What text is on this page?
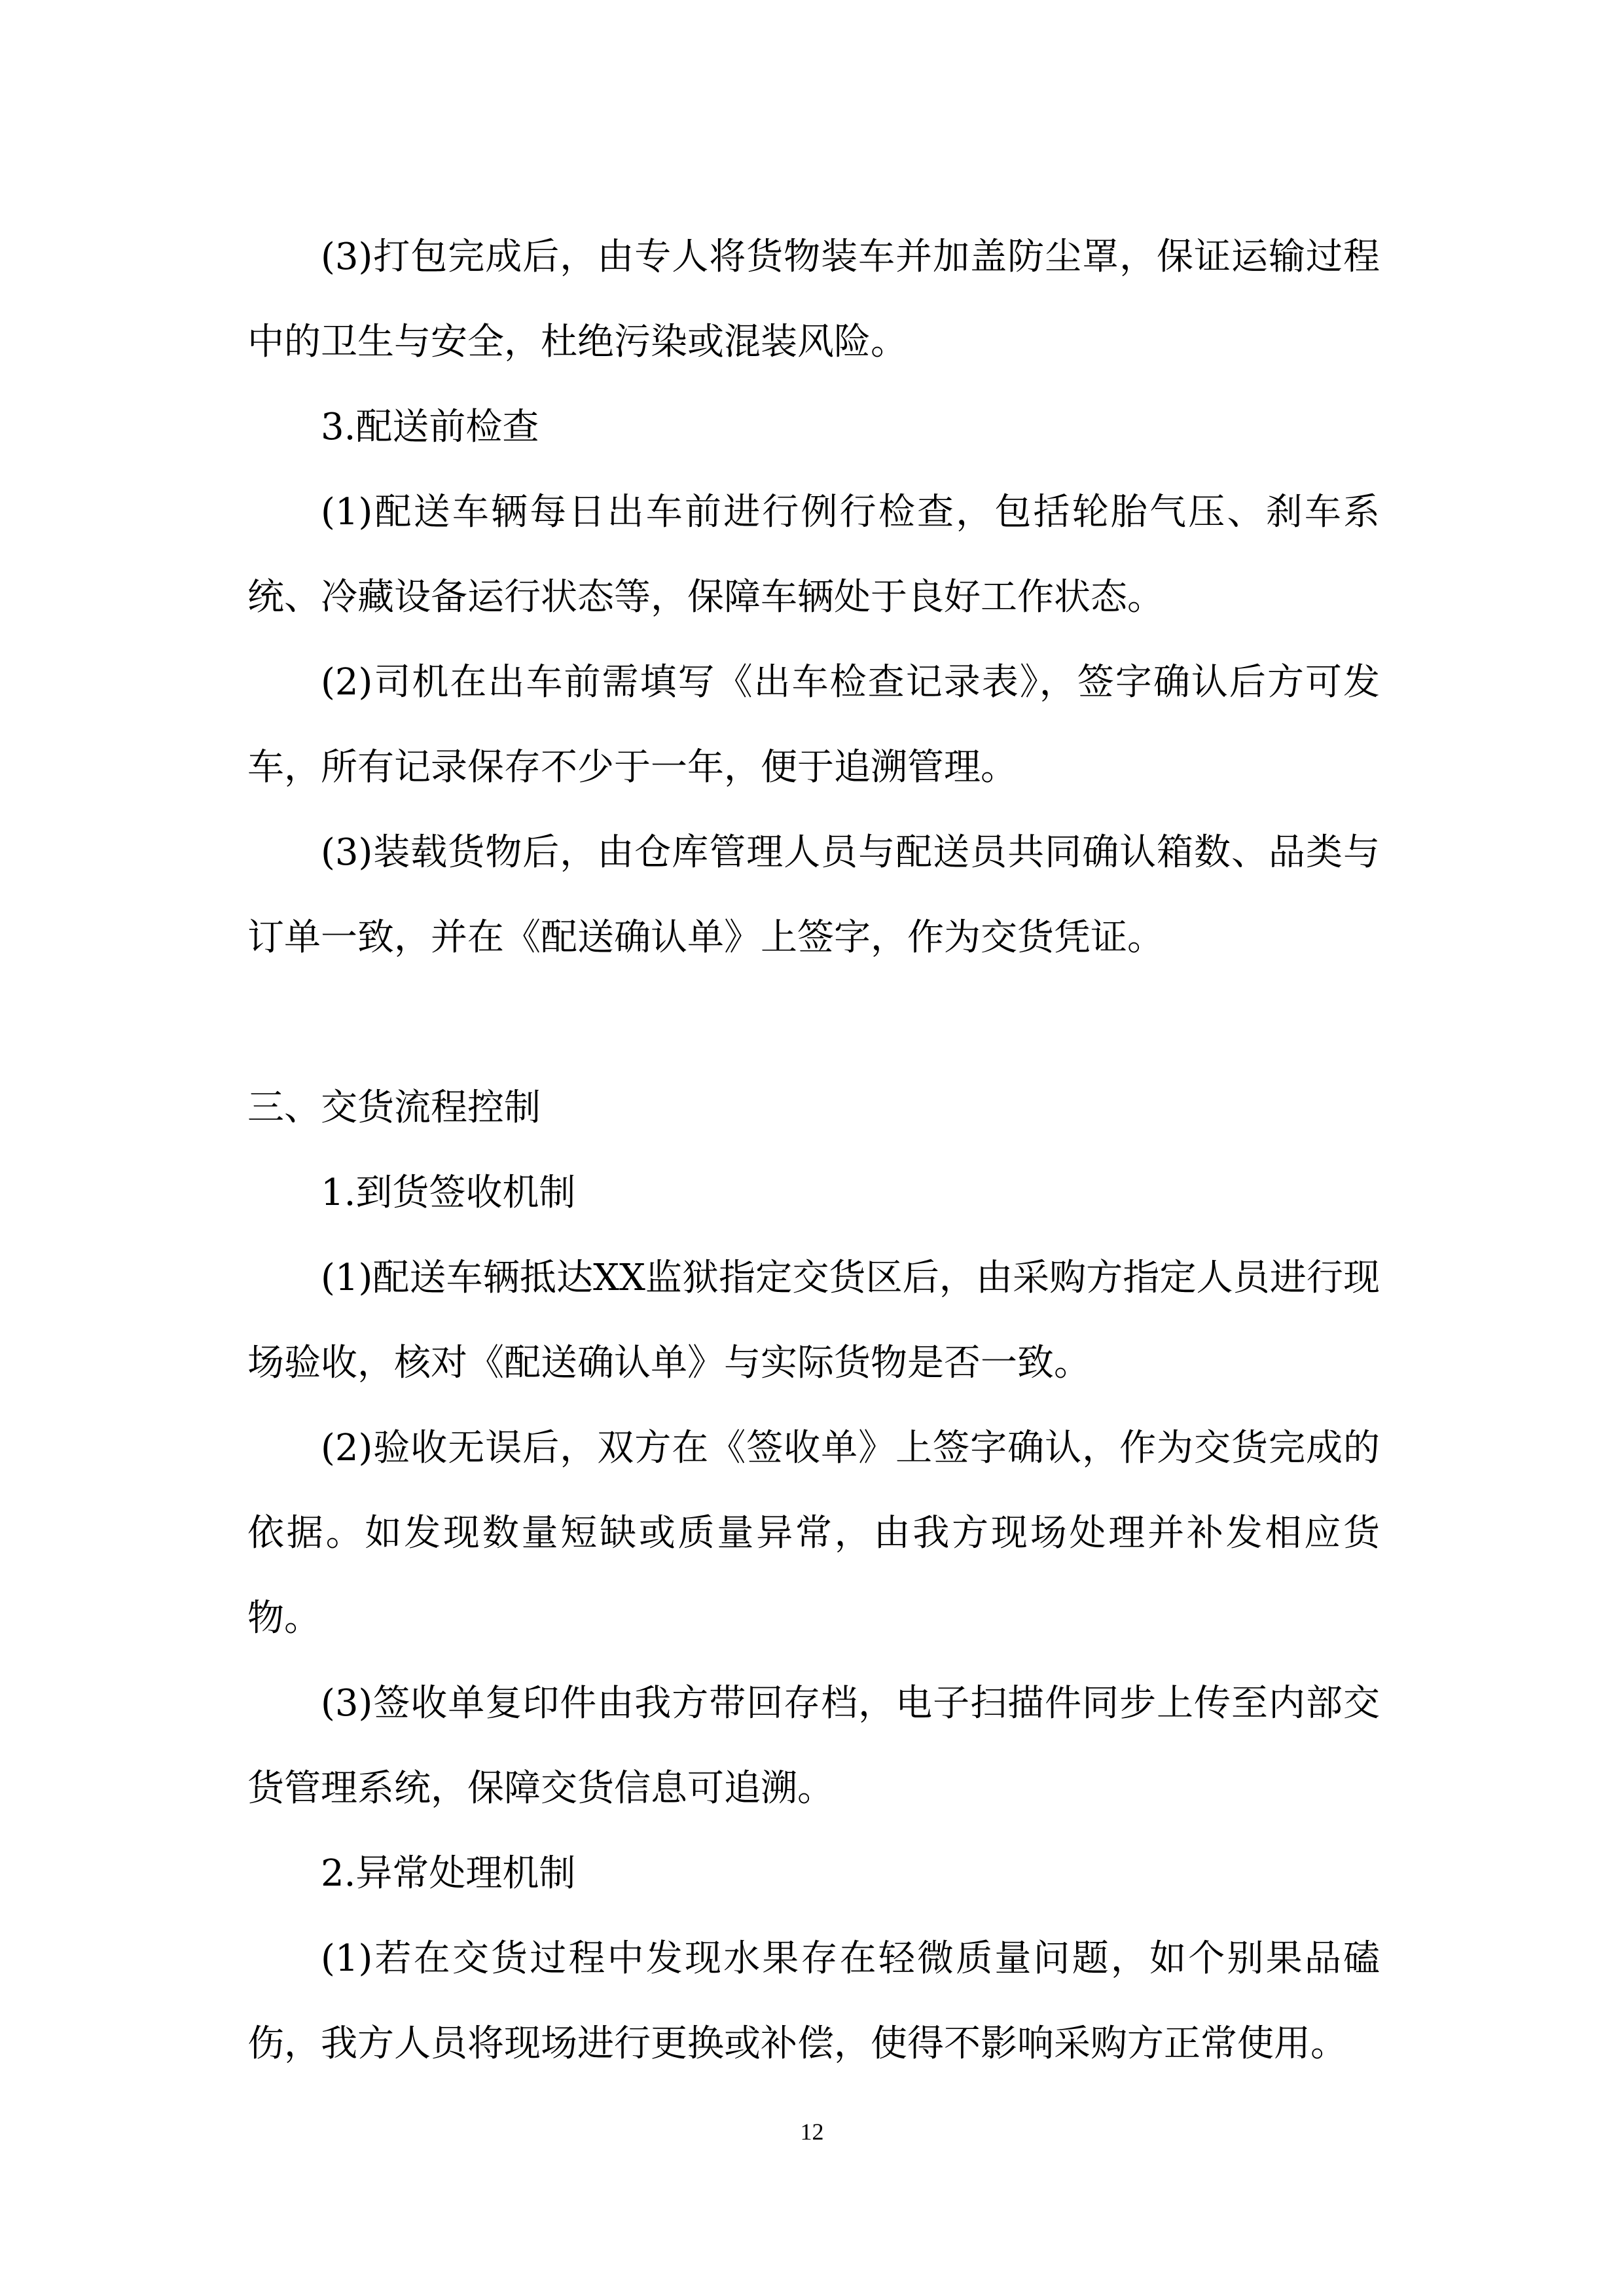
(3)打包完成后，由专人将货物装车并加盖防尘罩，保证运输过程中的卫生与安全，杜绝污染或混装风险。

3.配送前检查

(1)配送车辆每日出车前进行例行检查，包括轮胎气压、刹车系统、冷藏设备运行状态等，保障车辆处于良好工作状态。

(2)司机在出车前需填写《出车检查记录表》，签字确认后方可发车，所有记录保存不少于一年，便于追溯管理。

(3)装载货物后，由仓库管理人员与配送员共同确认箱数、品类与订单一致，并在《配送确认单》上签字，作为交货凭证。

三、交货流程控制

1.到货签收机制

(1)配送车辆抵达XX监狱指定交货区后，由采购方指定人员进行现场验收，核对《配送确认单》与实际货物是否一致。

(2)验收无误后，双方在《签收单》上签字确认，作为交货完成的依据。如发现数量短缺或质量异常，由我方现场处理并补发相应货物。

(3)签收单复印件由我方带回存档，电子扫描件同步上传至内部交货管理系统，保障交货信息可追溯。

2.异常处理机制

(1)若在交货过程中发现水果存在轻微质量问题，如个别果品磕伤，我方人员将现场进行更换或补偿，使得不影响采购方正常使用。

12
